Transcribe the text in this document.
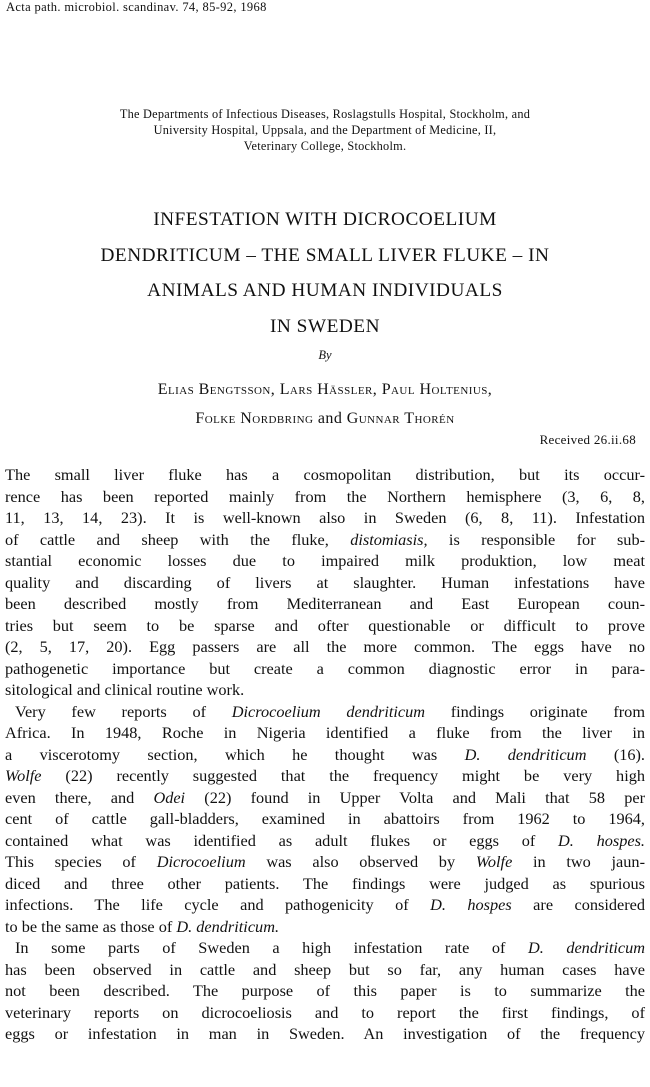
Acta path. microbiol. scandinav. 74, 85-92, 1968
The Departments of Infectious Diseases, Roslagstulls Hospital, Stockholm, and
University Hospital, Uppsala, and the Department of Medicine, II,
Veterinary College, Stockholm.
INFESTATION WITH DICROCOELIUM
DENDRITICUM – THE SMALL LIVER FLUKE – IN
ANIMALS AND HUMAN INDIVIDUALS
IN SWEDEN
By
Elias Bengtsson, Lars Hässler, Paul Holtenius,
Folke Nordbring and Gunnar Thorén
Received 26.ii.68
The small liver fluke has a cosmopolitan distribution, but its occur-
rence has been reported mainly from the Northern hemisphere (3, 6, 8,
11, 13, 14, 23). It is well-known also in Sweden (6, 8, 11). Infestation
of cattle and sheep with the fluke, distomiasis, is responsible for sub-
stantial economic losses due to impaired milk produktion, low meat
quality and discarding of livers at slaughter. Human infestations have
been described mostly from Mediterranean and East European coun-
tries but seem to be sparse and ofter questionable or difficult to prove
(2, 5, 17, 20). Egg passers are all the more common. The eggs have no
pathogenetic importance but create a common diagnostic error in para-
sitological and clinical routine work.
Very few reports of Dicrocoelium dendriticum findings originate from
Africa. In 1948, Roche in Nigeria identified a fluke from the liver in
a viscerotomy section, which he thought was D. dendriticum (16).
Wolfe (22) recently suggested that the frequency might be very high
even there, and Odei (22) found in Upper Volta and Mali that 58 per
cent of cattle gall-bladders, examined in abattoirs from 1962 to 1964,
contained what was identified as adult flukes or eggs of D. hospes.
This species of Dicrocoelium was also observed by Wolfe in two jaun-
diced and three other patients. The findings were judged as spurious
infections. The life cycle and pathogenicity of D. hospes are considered
to be the same as those of D. dendriticum.
In some parts of Sweden a high infestation rate of D. dendriticum
has been observed in cattle and sheep but so far, any human cases have
not been described. The purpose of this paper is to summarize the
veterinary reports on dicrocoeliosis and to report the first findings, of
eggs or infestation in man in Sweden. An investigation of the frequency
